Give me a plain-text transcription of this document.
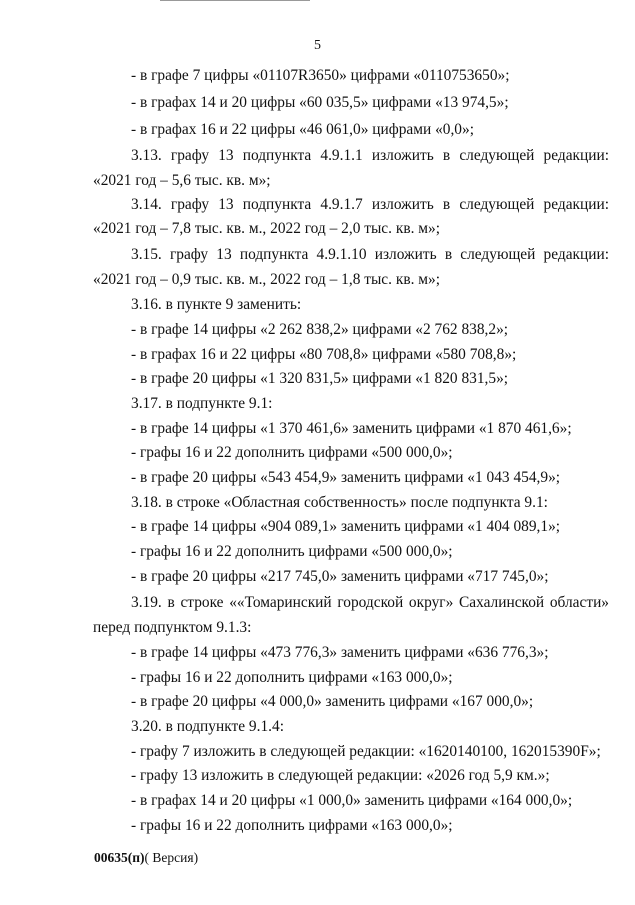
5
- в графе 7 цифры «01107R3650» цифрами «0110753650»;
- в графах 14 и 20 цифры «60 035,5» цифрами «13 974,5»;
- в графах 16 и 22 цифры «46 061,0» цифрами «0,0»;
3.13. графу 13 подпункта 4.9.1.1 изложить в следующей редакции:
«2021 год – 5,6 тыс. кв. м»;
3.14. графу 13 подпункта 4.9.1.7 изложить в следующей редакции:
«2021 год – 7,8 тыс. кв. м., 2022 год – 2,0 тыс. кв. м»;
3.15. графу 13 подпункта 4.9.1.10 изложить в следующей редакции:
«2021 год – 0,9 тыс. кв. м., 2022 год – 1,8 тыс. кв. м»;
3.16. в пункте 9 заменить:
- в графе 14 цифры «2 262 838,2» цифрами «2 762 838,2»;
- в графах 16 и 22 цифры «80 708,8» цифрами «580 708,8»;
- в графе 20 цифры «1 320 831,5» цифрами «1 820 831,5»;
3.17. в подпункте 9.1:
- в графе 14 цифры «1 370 461,6» заменить цифрами «1 870 461,6»;
- графы 16 и 22 дополнить цифрами «500 000,0»;
- в графе 20 цифры «543 454,9» заменить цифрами «1 043 454,9»;
3.18. в строке «Областная собственность» после подпункта 9.1:
- в графе 14 цифры «904 089,1» заменить цифрами «1 404 089,1»;
- графы 16 и 22 дополнить цифрами «500 000,0»;
- в графе 20 цифры «217 745,0» заменить цифрами «717 745,0»;
3.19. в строке ««Томаринский городской округ» Сахалинской области»
перед подпунктом 9.1.3:
- в графе 14 цифры «473 776,3» заменить цифрами «636 776,3»;
- графы 16 и 22 дополнить цифрами «163 000,0»;
- в графе 20 цифры «4 000,0» заменить цифрами «167 000,0»;
3.20. в подпункте 9.1.4:
- графу 7 изложить в следующей редакции: «1620140100, 162015390F»;
- графу 13 изложить в следующей редакции: «2026 год 5,9 км.»;
- в графах 14 и 20 цифры «1 000,0» заменить цифрами «164 000,0»;
- графы 16 и 22 дополнить цифрами «163 000,0»;
00635(п)( Версия)
